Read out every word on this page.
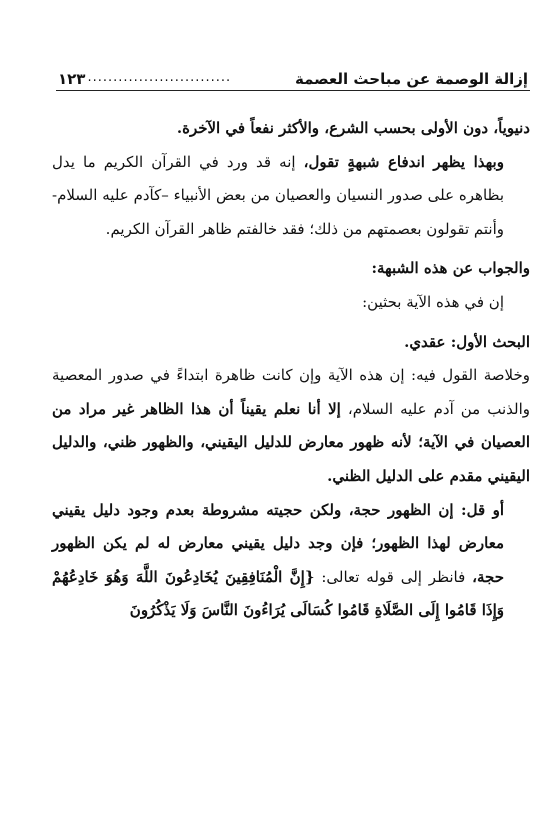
١٢٣ ............................	إزالة الوصمة عن مباحث العصمة

دنيوياً، دون الأولى بحسب الشرع، والأكثر نفعاً في الآخرة.

وبهذا يظهر اندفاع شبهةٍ تقول، إنه قد ورد في القرآن الكريم ما يدل بظاهره على صدور النسيان والعصيان من بعض الأنبياء –كآدم عليه السلام- وأنتم تقولون بعصمتهم من ذلك؛ فقد خالفتم ظاهر القرآن الكريم.

والجواب عن هذه الشبهة:

إن في هذه الآية بحثين:

البحث الأول: عقدي.

وخلاصة القول فيه: إن هذه الآية وإن كانت ظاهرة ابتداءً في صدور المعصية والذنب من آدم عليه السلام، إلا أنا نعلم يقيناً أن هذا الظاهر غير مراد من العصيان في الآية؛ لأنه ظهور معارض للدليل اليقيني، والظهور ظني، والدليل اليقيني مقدم على الدليل الظني.

أو قل: إن الظهور حجة، ولكن حجيته مشروطة بعدم وجود دليل يقيني معارض لهذا الظهور؛ فإن وجد دليل يقيني معارض له لم يكن الظهور حجة، فانظر إلى قوله تعالى: {إِنَّ الْمُنَافِقِينَ يُخَادِعُونَ اللَّهَ وَهُوَ خَادِعُهُمْ وَإِذَا قَامُوا إِلَى الصَّلَاةِ قَامُوا كُسَالَى يُرَاءُونَ النَّاسَ وَلَا يَذْكُرُونَ
